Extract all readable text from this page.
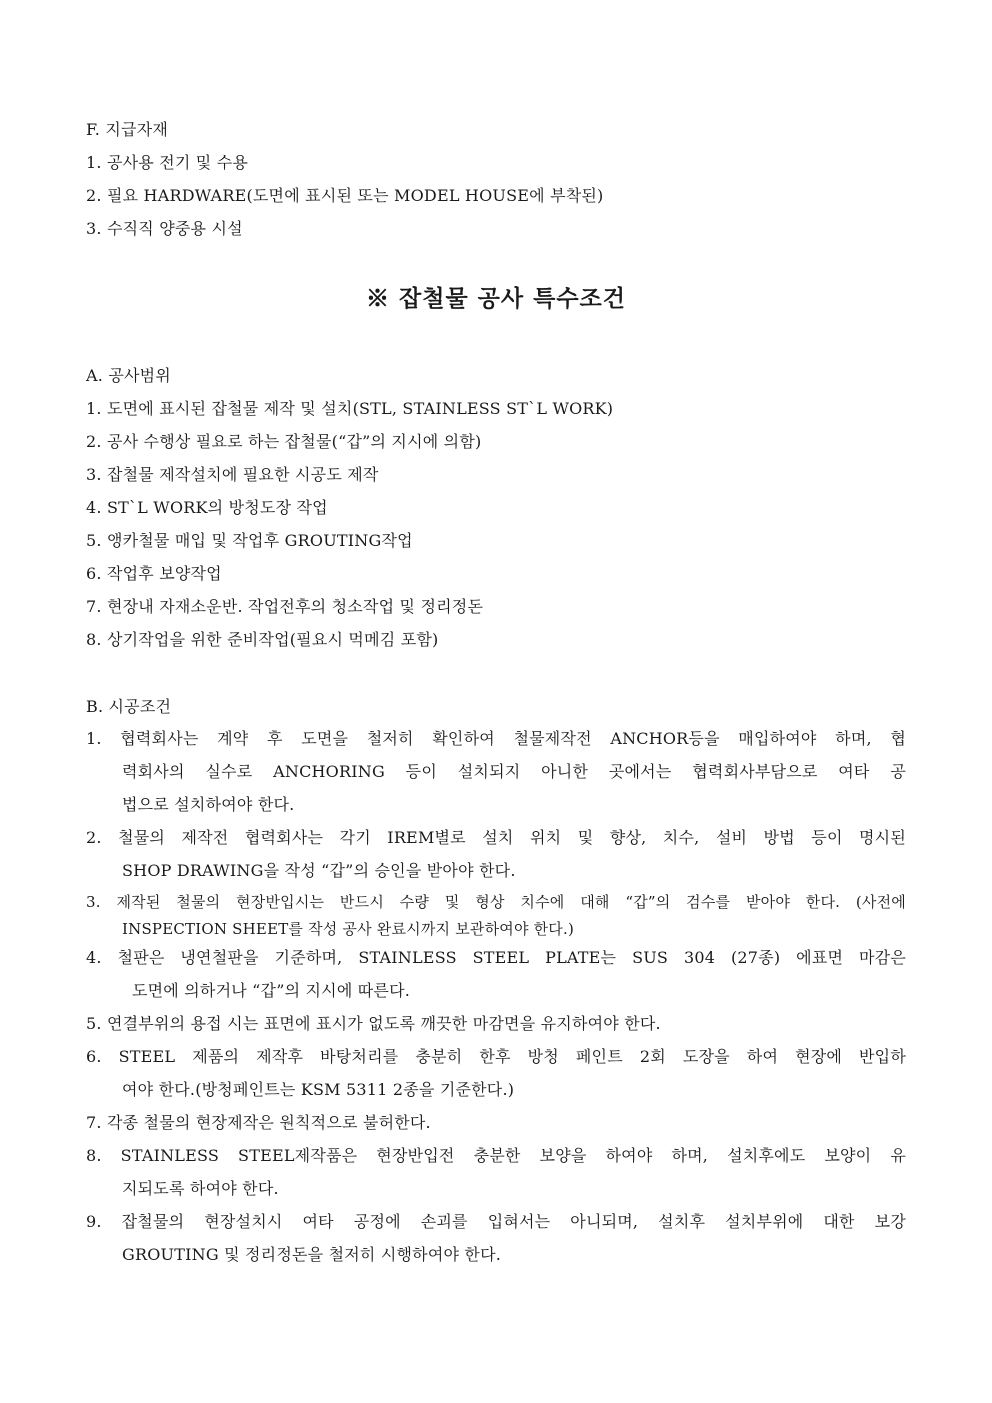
F. 지급자재
1. 공사용 전기 및 수용
2. 필요 HARDWARE(도면에 표시된 또는 MODEL HOUSE에 부착된)
3. 수직직 양중용 시설
※ 잡철물 공사 특수조건
A. 공사범위
1. 도면에 표시된 잡철물 제작 및 설치(STL, STAINLESS ST`L WORK)
2. 공사 수행상 필요로 하는 잡철물(“갑”의 지시에 의함)
3. 잡철물 제작설치에 필요한 시공도 제작
4. ST`L WORK의 방청도장 작업
5. 앵카철물 매입 및 작업후 GROUTING작업
6. 작업후 보양작업
7. 현장내 자재소운반. 작업전후의 청소작업 및 정리정돈
8. 상기작업을 위한 준비작업(필요시 먹메김 포함)
B. 시공조건
1. 협력회사는 계약 후 도면을 철저히 확인하여 철물제작전 ANCHOR등을 매입하여야 하며, 협
력회사의 실수로 ANCHORING 등이 설치되지 아니한 곳에서는 협력회사부담으로 여타 공
법으로 설치하여야 한다.
2. 철물의 제작전 협력회사는 각기 IREM별로 설치 위치 및 향상, 치수, 설비 방법 등이 명시된
SHOP DRAWING을 작성 “갑”의 승인을 받아야 한다.
3. 제작된 철물의 현장반입시는 반드시 수량 및 형상 치수에 대해 “갑”의 검수를 받아야 한다. (사전에
INSPECTION SHEET를 작성 공사 완료시까지 보관하여야 한다.)
4. 철판은 냉연철판을 기준하며, STAINLESS STEEL PLATE는 SUS 304 (27종) 에표면 마감은
도면에 의하거나 “갑”의 지시에 따른다.
5. 연결부위의 용접 시는 표면에 표시가 없도록 깨끗한 마감면을 유지하여야 한다.
6. STEEL 제품의 제작후 바탕처리를 충분히 한후 방청 페인트 2회 도장을 하여 현장에 반입하
여야 한다.(방청페인트는 KSM 5311 2종을 기준한다.)
7. 각종 철물의 현장제작은 원칙적으로 불허한다.
8. STAINLESS STEEL제작품은 현장반입전 충분한 보양을 하여야 하며, 설치후에도 보양이 유
지되도록 하여야 한다.
9. 잡철물의 현장설치시 여타 공정에 손괴를 입혀서는 아니되며, 설치후 설치부위에 대한 보강
GROUTING 및 정리정돈을 철저히 시행하여야 한다.
